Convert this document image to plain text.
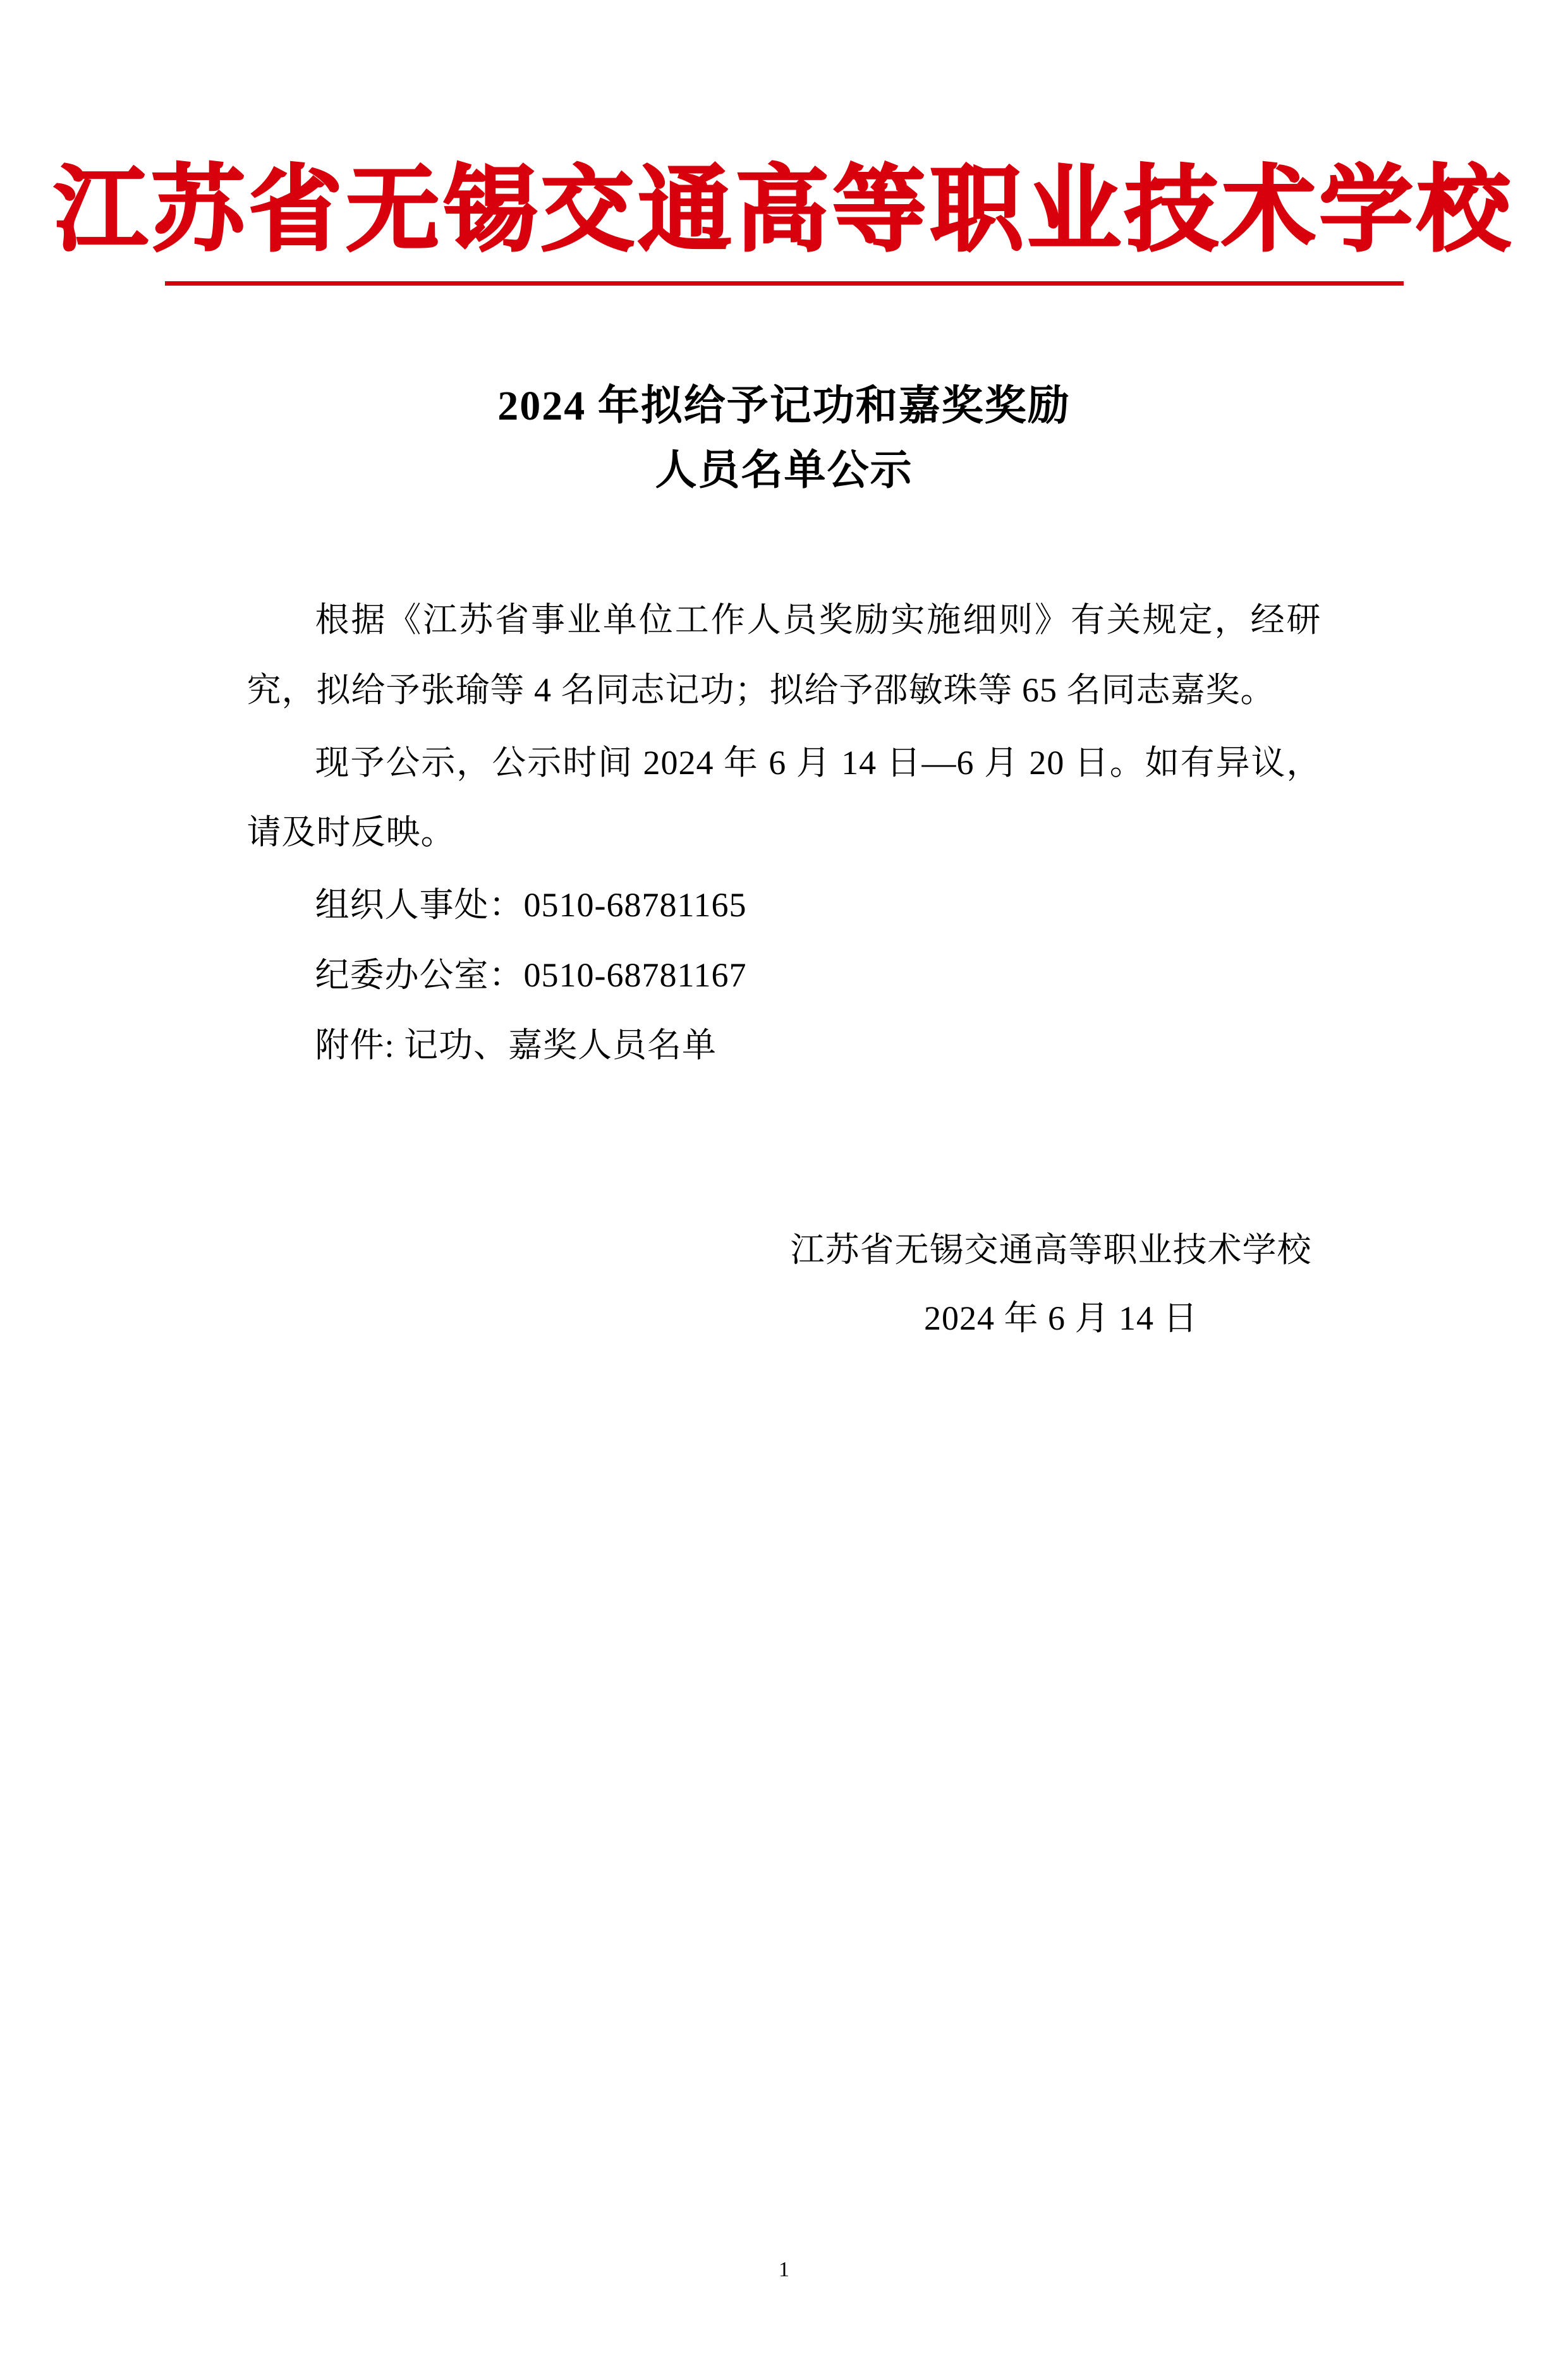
江苏省无锡交通高等职业技术学校
2024 年拟给予记功和嘉奖奖励
人员名单公示

根据《江苏省事业单位工作人员奖励实施细则》有关规定，经研究，拟给予张瑜等 4 名同志记功；拟给予邵敏珠等 65 名同志嘉奖。

现予公示，公示时间 2024 年 6 月 14 日—6 月 20 日。如有异议，请及时反映。

组织人事处：0510-68781165

纪委办公室：0510-68781167

附件: 记功、嘉奖人员名单

江苏省无锡交通高等职业技术学校
2024 年 6 月 14 日
1
